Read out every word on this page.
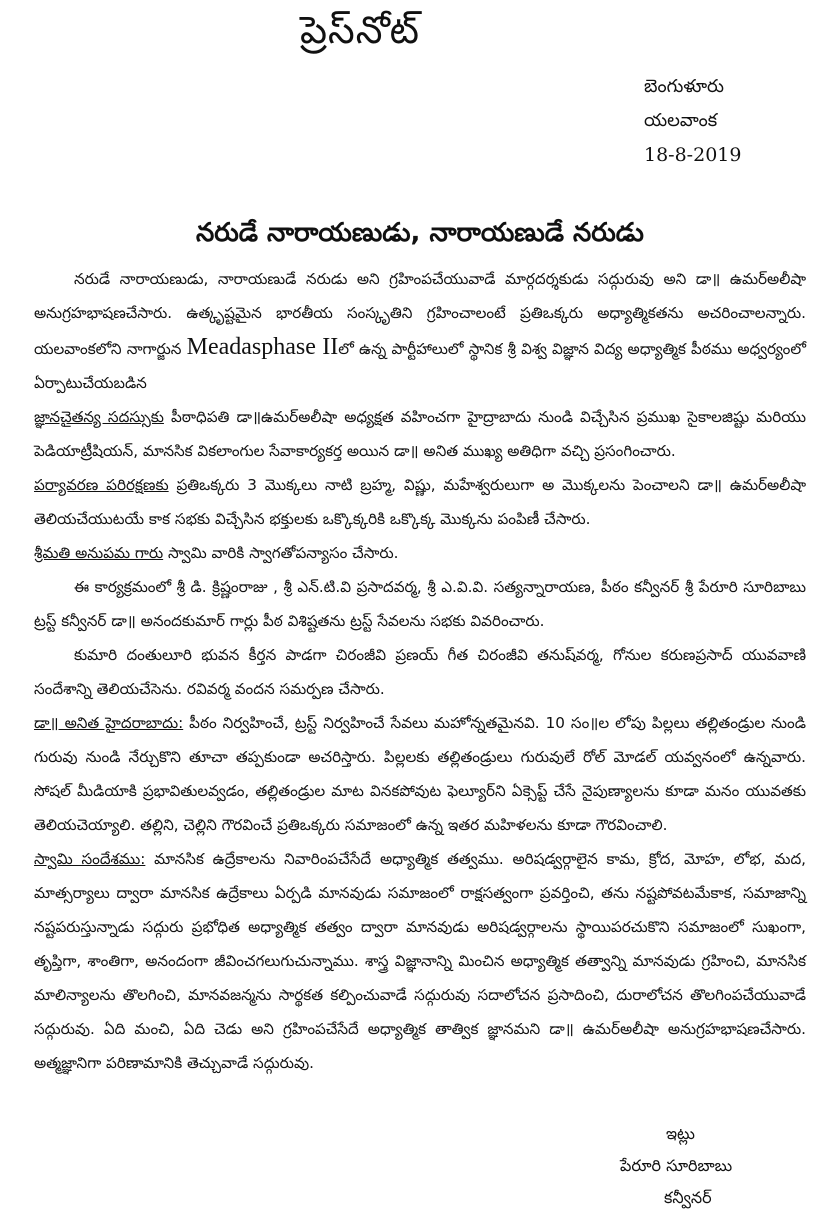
ప్రెస్‌నోట్
బెంగుళూరు
యలవాంక
18-8-2019
నరుడే నారాయణుడు, నారాయణుడే నరుడు

నరుడే నారాయణుడు, నారాయణుడే నరుడు అని గ్రహింపచేయువాడే మార్గదర్శకుడు సద్గురువు అని డా॥ ఉమర్‌అలీషా అనుగ్రహభాషణచేసారు. ఉత్కృష్టమైన భారతీయ సంస్కృతిని గ్రహించాలంటే ప్రతిఒక్కరు అధ్యాత్మికతను అచరించాలన్నారు. యలవాంకలోని నాగార్జున Meadasphase IIలో ఉన్న పార్టీహాలులో స్థానిక శ్రీ విశ్వ విజ్ఞాన విద్య అధ్యాత్మిక పీఠము అధ్వర్యంలో ఏర్పాటుచేయబడిన

జ్ఞానచైతన్య సదస్సుకు పీఠాధిపతి డా॥ఉమర్‌అలీషా అధ్యక్షత వహించగా హైద్రాబాదు నుండి విచ్చేసిన ప్రముఖ సైకాలజిష్టు మరియు పెడియాట్రీషియన్, మానసిక వికలాంగుల సేవాకార్యకర్త అయిన డా॥ అనిత ముఖ్య అతిధిగా వచ్చి ప్రసంగించారు.

పర్యావరణ పరిరక్షణకు ప్రతిఒక్కరు 3 మొక్కలు నాటి బ్రహ్మ, విష్ణు, మహేశ్వరులుగా అ మొక్కలను పెంచాలని డా॥ ఉమర్‌అలీషా తెలియచేయుటయే కాక సభకు విచ్చేసిన భక్తులకు ఒక్కొక్కరికి ఒక్కొక్క మొక్కను పంపిణీ చేసారు.

శ్రీమతి అనుపమ గారు స్వామి వారికి స్వాగతోపన్యాసం చేసారు.

ఈ కార్యక్రమంలో శ్రీ డి. క్రిష్ణంరాజు , శ్రీ ఎన్.టి.వి ప్రసాదవర్మ, శ్రీ ఎ.వి.వి. సత్యన్నారాయణ, పీఠం కన్వీనర్ శ్రీ పేరూరి సూరిబాబు ట్రస్ట్ కన్వీనర్ డా॥ అనందకుమార్ గార్లు పీఠ విశిష్టతను ట్రస్ట్ సేవలను సభకు వివరించారు.

కుమారి దంతులూరి భువన కీర్తన పాడగా చిరంజీవి ప్రణయ్ గీత చిరంజీవి తనుష్‌వర్మ, గోనుల కరుణప్రసాద్ యువవాణి సందేశాన్ని తెలియచేసెను. రవివర్మ వందన సమర్పణ చేసారు.

డా॥ అనిత హైదరాబాదు: పీఠం నిర్వహించే, ట్రస్ట్ నిర్వహించే సేవలు మహోన్నతమైనవి. 10 సం॥ల లోపు పిల్లలు తల్లితండ్రుల నుండి గురువు నుండి నేర్చుకొని తూచా తప్పకుండా అచరిస్తారు. పిల్లలకు తల్లితండ్రులు గురువులే రోల్ మోడల్ యవ్వనంలో ఉన్నవారు. సోషల్ మీడియాకి ప్రభావితులవ్వడం, తల్లితండ్రుల మాట వినకపోవుట ఫెల్యూర్‌ని ఏక్సెప్ట్ చేసే నైపుణ్యాలను కూడా మనం యువతకు తెలియచెయ్యాలి. తల్లిని, చెల్లిని గౌరవించే ప్రతిఒక్కరు సమాజంలో ఉన్న ఇతర మహిళలను కూడా గౌరవించాలి.

స్వామి సందేశము: మానసిక ఉద్రేకాలను నివారింపచేసేదే అధ్యాత్మిక తత్వము. అరిషడ్వర్గాలైన కామ, క్రోద, మోహ, లోభ, మద, మాత్సర్యాలు ద్వారా మానసిక ఉద్రేకాలు ఏర్పడి మానవుడు సమాజంలో రాక్షసత్వంగా ప్రవర్తించి, తను నష్టపోవటమేకాక, సమాజాన్ని నష్టపరుస్తున్నాడు సద్గురు ప్రభోధిత అధ్యాత్మిక తత్వం ద్వారా మానవుడు అరిషడ్వర్గాలను స్థాయిపరచుకొని సమాజంలో సుఖంగా, తృప్తిగా, శాంతిగా, అనందంగా జీవించగలుగుచున్నాము. శాస్త్ర విజ్ఞానాన్ని మించిన అధ్యాత్మిక తత్వాన్ని మానవుడు గ్రహించి, మానసిక మాలిన్యాలను తొలగించి, మానవజన్మను సార్థకత కల్పించువాడే సద్గురువు సదాలోచన ప్రసాదించి, దురాలోచన తొలగింపచేయువాడే సద్గురువు. ఏది మంచి, ఏది చెడు అని గ్రహింపచేసేదే అధ్యాత్మిక తాత్విక జ్ఞానమని డా॥ ఉమర్‌అలీషా అనుగ్రహభాషణచేసారు. అత్మజ్ఞానిగా పరిణామానికి తెచ్చువాడే సద్గురువు.

ఇట్లు
పేరూరి సూరిబాబు
కన్వీనర్
